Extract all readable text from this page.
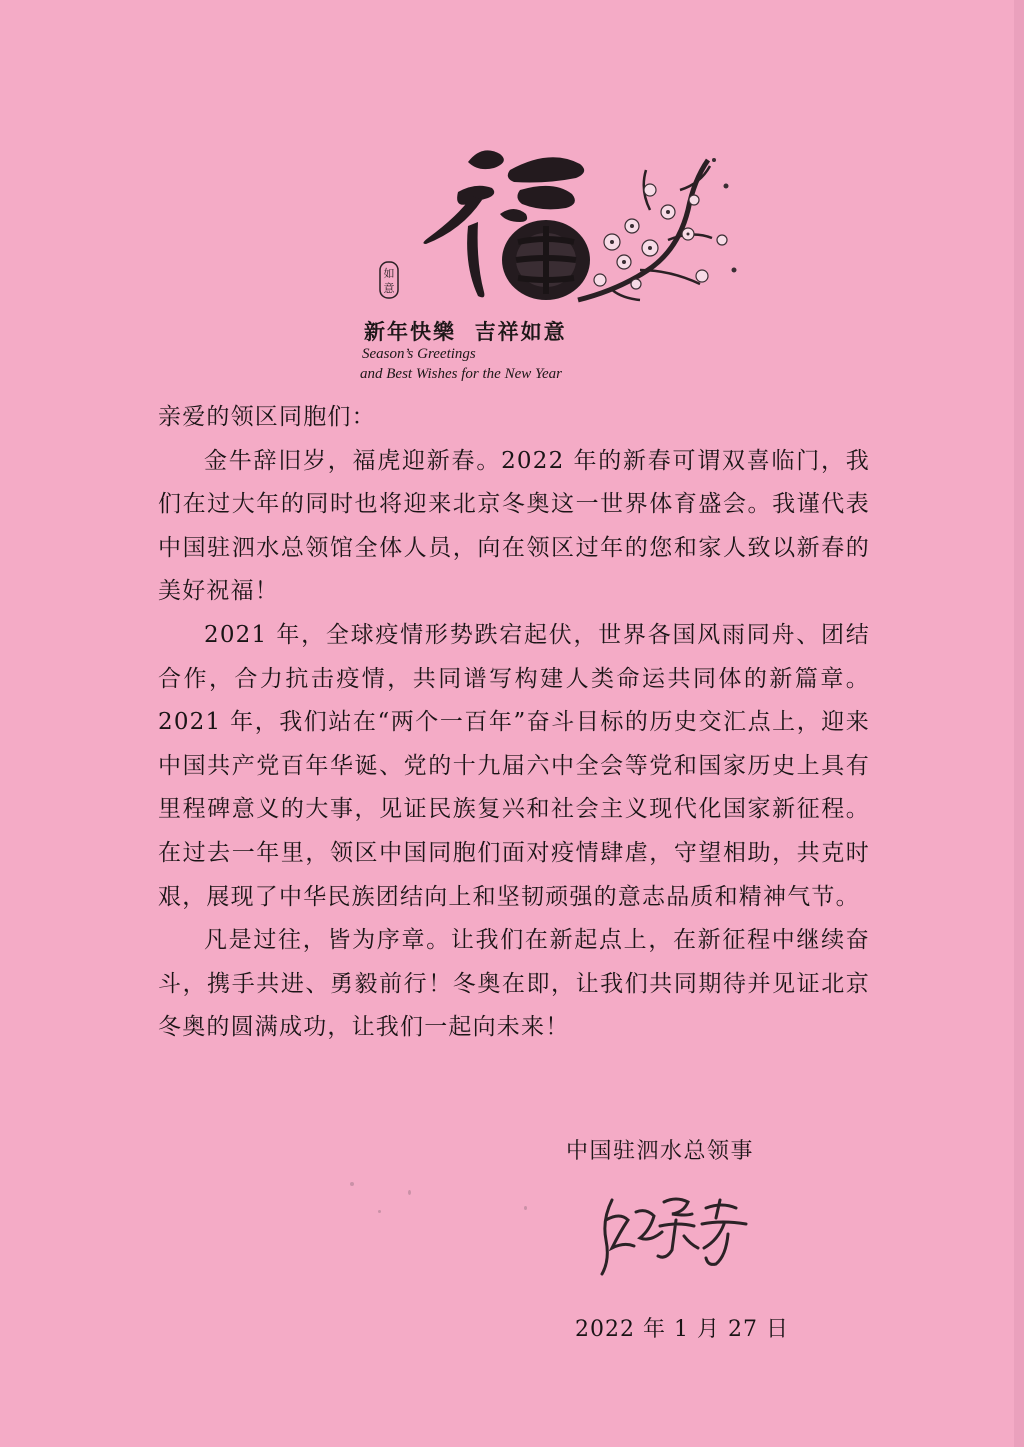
如
意
新年快樂  吉祥如意
Season’s Greetings
and Best Wishes for the New Year

亲爱的领区同胞们：

金牛辞旧岁，福虎迎新春。2022 年的新春可谓双喜临门，我们在过大年的同时也将迎来北京冬奥这一世界体育盛会。我谨代表中国驻泗水总领馆全体人员，向在领区过年的您和家人致以新春的美好祝福！

2021 年，全球疫情形势跌宕起伏，世界各国风雨同舟、团结合作，合力抗击疫情，共同谱写构建人类命运共同体的新篇章。2021 年，我们站在“两个一百年”奋斗目标的历史交汇点上，迎来中国共产党百年华诞、党的十九届六中全会等党和国家历史上具有里程碑意义的大事，见证民族复兴和社会主义现代化国家新征程。在过去一年里，领区中国同胞们面对疫情肆虐，守望相助，共克时艰，展现了中华民族团结向上和坚韧顽强的意志品质和精神气节。

凡是过往，皆为序章。让我们在新起点上，在新征程中继续奋斗，携手共进、勇毅前行！冬奥在即，让我们共同期待并见证北京冬奥的圆满成功，让我们一起向未来！

中国驻泗水总领事
2022 年 1 月 27 日
